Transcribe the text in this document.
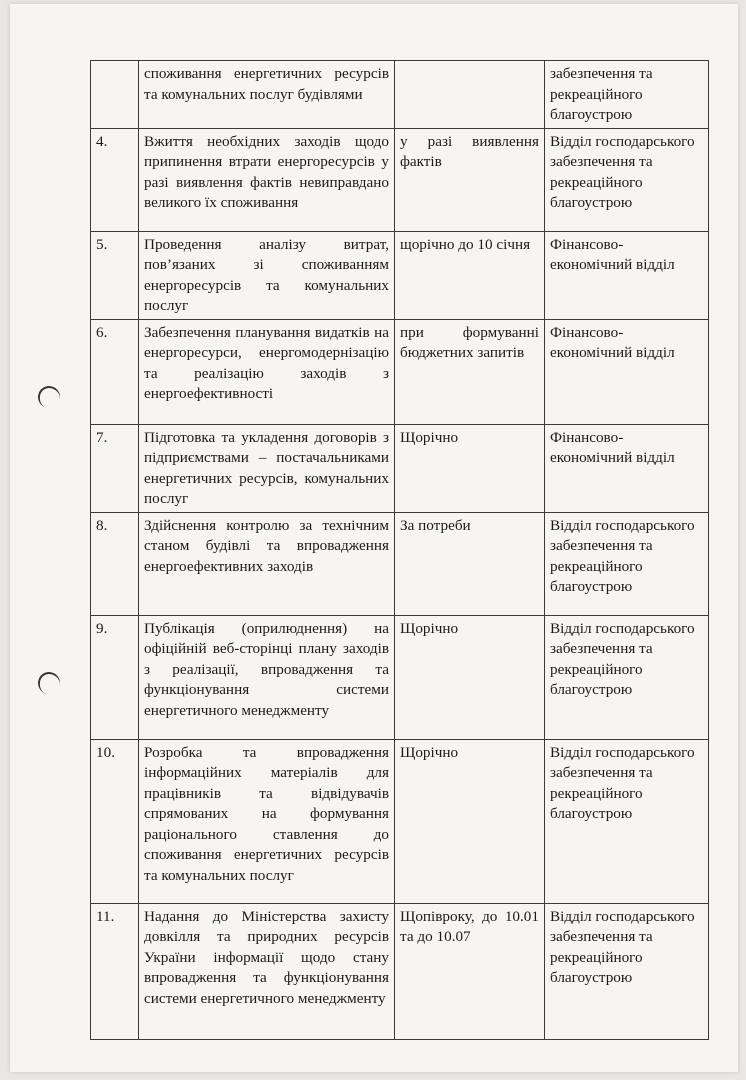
	споживання енергетичних ресурсів та комунальних послуг будівлями		забезпечення та рекреаційного благоустрою
4.	Вжиття необхідних заходів щодо припинення втрати енергоресурсів у разі виявлення фактів невиправдано великого їх споживання	у разі виявлення фактів	Відділ господарського забезпечення та рекреаційного благоустрою
5.	Проведення аналізу витрат, пов’язаних зі споживанням енергоресурсів та комунальних послуг	щорічно до 10 січня	Фінансово-економічний відділ
6.	Забезпечення планування видатків на енергоресурси, енергомодернізацію та реалізацію заходів з енергоефективності	при формуванні бюджетних запитів	Фінансово-економічний відділ
7.	Підготовка та укладення договорів з підприємствами – постачальниками енергетичних ресурсів, комунальних послуг	Щорічно	Фінансово-економічний відділ
8.	Здійснення контролю за технічним станом будівлі та впровадження енергоефективних заходів	За потреби	Відділ господарського забезпечення та рекреаційного благоустрою
9.	Публікація (оприлюднення) на офіційній веб-сторінці плану заходів з реалізації, впровадження та функціонування системи енергетичного менеджменту	Щорічно	Відділ господарського забезпечення та рекреаційного благоустрою
10.	Розробка та впровадження інформаційних матеріалів для працівників та відвідувачів спрямованих на формування раціонального ставлення до споживання енергетичних ресурсів та комунальних послуг	Щорічно	Відділ господарського забезпечення та рекреаційного благоустрою
11.	Надання до Міністерства захисту довкілля та природних ресурсів України інформації щодо стану впровадження та функціонування системи енергетичного менеджменту	Щопівроку, до 10.01 та до 10.07	Відділ господарського забезпечення та рекреаційного благоустрою
